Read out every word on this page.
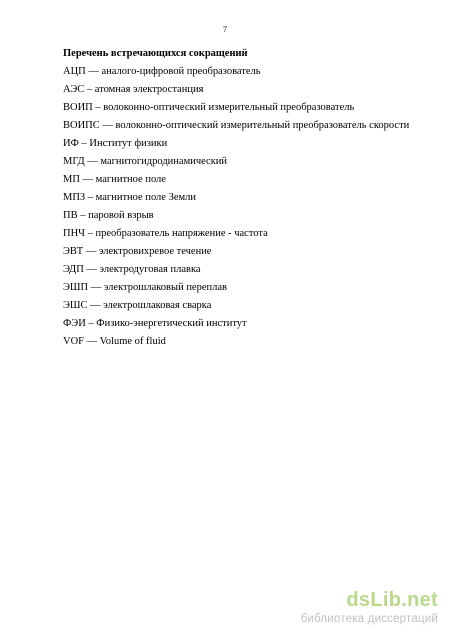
7
Перечень встречающихся сокращений
АЦП — аналого-цифровой преобразователь
АЭС – атомная электростанция
ВОИП – волоконно-оптический измерительный преобразователь
ВОИПС — волоконно-оптический измерительный преобразователь скорости
ИФ – Институт физики
МГД — магнитогидродинамический
МП — магнитное поле
МПЗ – магнитное поле Земли
ПВ – паровой взрыв
ПНЧ – преобразователь напряжение - частота
ЭВТ — электровихревое течение
ЭДП — электродуговая плавка
ЭШП — электрошлаковый переплав
ЭШС — электрошлаковая сварка
ФЭИ – Физико-энергетический институт
VOF — Volume of fluid
dsLib.net
библиотека диссертаций
